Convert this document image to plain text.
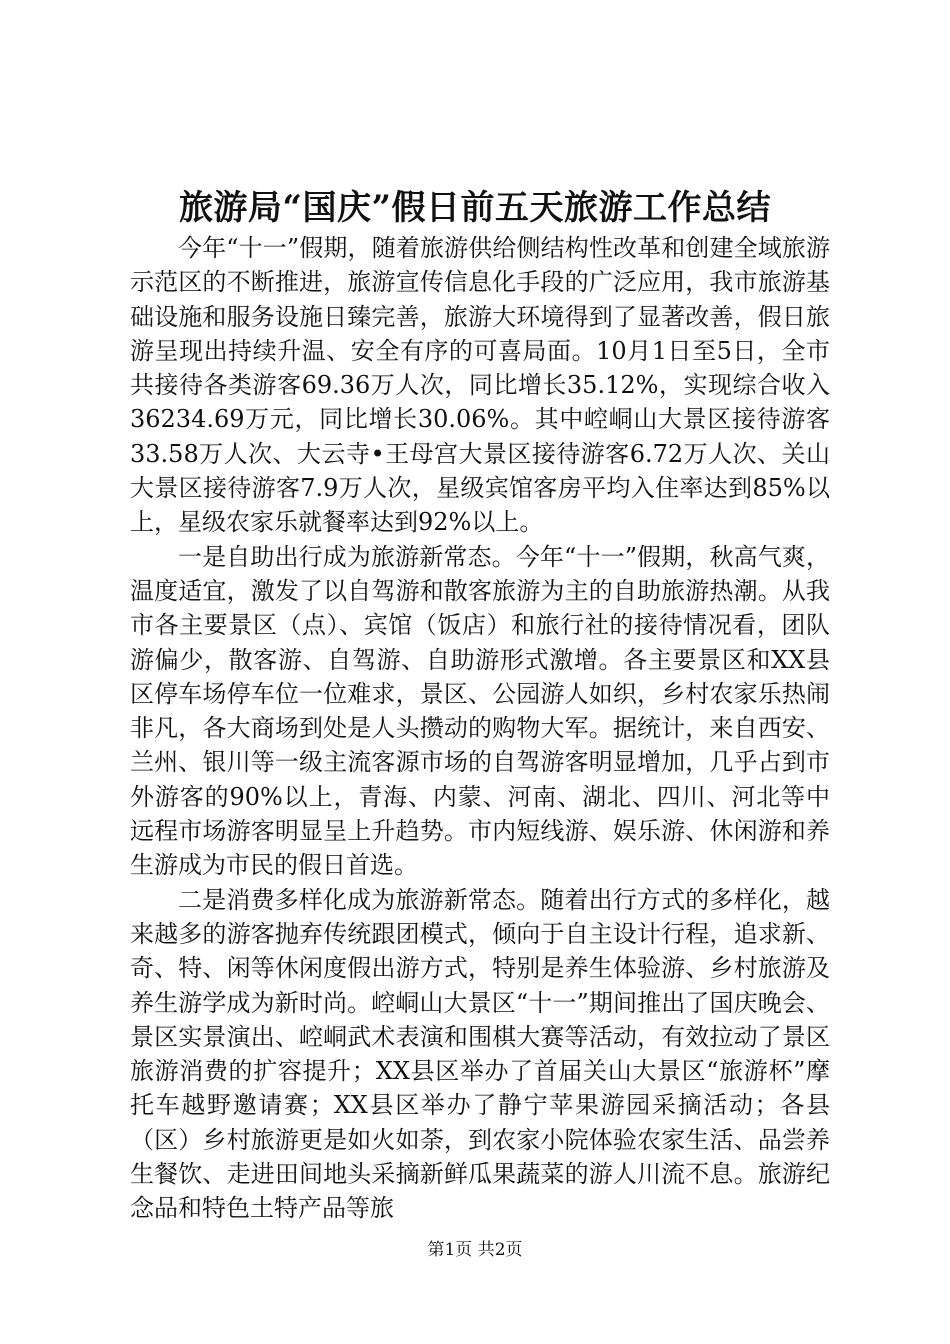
旅游局“国庆”假日前五天旅游工作总结

今年“十一”假期，随着旅游供给侧结构性改革和创建全域旅游示范区的不断推进，旅游宣传信息化手段的广泛应用，我市旅游基础设施和服务设施日臻完善，旅游大环境得到了显著改善，假日旅游呈现出持续升温、安全有序的可喜局面。10月1日至5日，全市共接待各类游客69.36万人次，同比增长35.12%，实现综合收入36234.69万元，同比增长30.06%。其中崆峒山大景区接待游客33.58万人次、大云寺•王母宫大景区接待游客6.72万人次、关山大景区接待游客7.9万人次，星级宾馆客房平均入住率达到85%以上，星级农家乐就餐率达到92%以上。

一是自助出行成为旅游新常态。今年“十一”假期，秋高气爽，温度适宜，激发了以自驾游和散客旅游为主的自助旅游热潮。从我市各主要景区（点）、宾馆（饭店）和旅行社的接待情况看，团队游偏少，散客游、自驾游、自助游形式激增。各主要景区和XX县区停车场停车位一位难求，景区、公园游人如织，乡村农家乐热闹非凡，各大商场到处是人头攒动的购物大军。据统计，来自西安、兰州、银川等一级主流客源市场的自驾游客明显增加，几乎占到市外游客的90%以上，青海、内蒙、河南、湖北、四川、河北等中远程市场游客明显呈上升趋势。市内短线游、娱乐游、休闲游和养生游成为市民的假日首选。

二是消费多样化成为旅游新常态。随着出行方式的多样化，越来越多的游客抛弃传统跟团模式，倾向于自主设计行程，追求新、奇、特、闲等休闲度假出游方式，特别是养生体验游、乡村旅游及养生游学成为新时尚。崆峒山大景区“十一”期间推出了国庆晚会、景区实景演出、崆峒武术表演和围棋大赛等活动，有效拉动了景区旅游消费的扩容提升；XX县区举办了首届关山大景区“旅游杯”摩托车越野邀请赛；XX县区举办了静宁苹果游园采摘活动；各县（区）乡村旅游更是如火如荼，到农家小院体验农家生活、品尝养生餐饮、走进田间地头采摘新鲜瓜果蔬菜的游人川流不息。旅游纪念品和特色土特产品等旅

第1页 共2页
